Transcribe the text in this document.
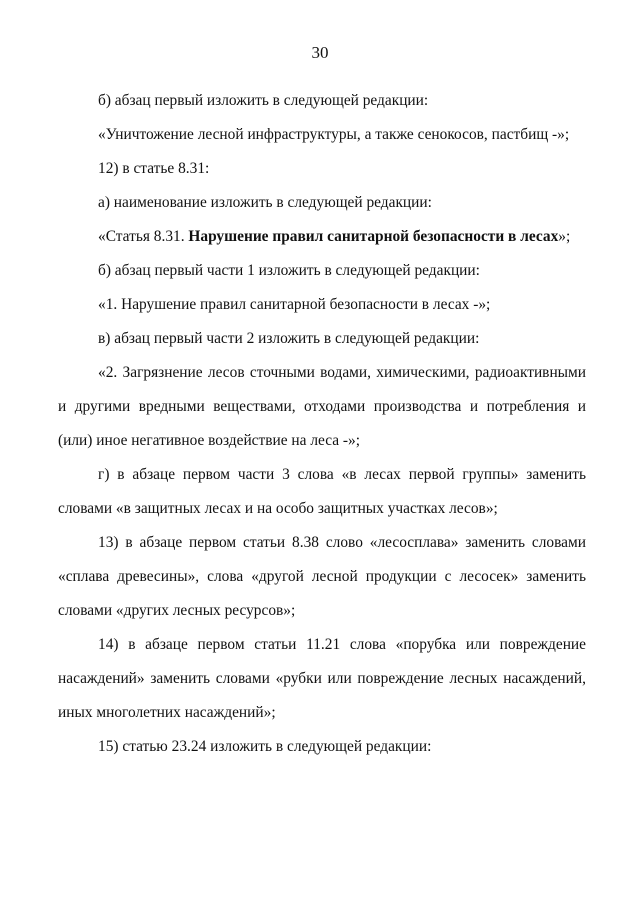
30

б) абзац первый изложить в следующей редакции:

«Уничтожение лесной инфраструктуры, а также сенокосов, пастбищ -»;

12) в статье 8.31:

а) наименование изложить в следующей редакции:

«Статья 8.31. Нарушение правил санитарной безопасности в лесах»;

б) абзац первый части 1 изложить в следующей редакции:

«1. Нарушение правил санитарной безопасности в лесах -»;

в) абзац первый части 2 изложить в следующей редакции:

«2. Загрязнение лесов сточными водами, химическими, радиоактивными и другими вредными веществами, отходами производства и потребления и (или) иное негативное воздействие на леса -»;

г) в абзаце первом части 3 слова «в лесах первой группы» заменить словами «в защитных лесах и на особо защитных участках лесов»;

13) в абзаце первом статьи 8.38 слово «лесосплава» заменить словами «сплава древесины», слова «другой лесной продукции с лесосек» заменить словами «других лесных ресурсов»;

14) в абзаце первом статьи 11.21 слова «порубка или повреждение насаждений» заменить словами «рубки или повреждение лесных насаждений, иных многолетних насаждений»;

15) статью 23.24 изложить в следующей редакции:
